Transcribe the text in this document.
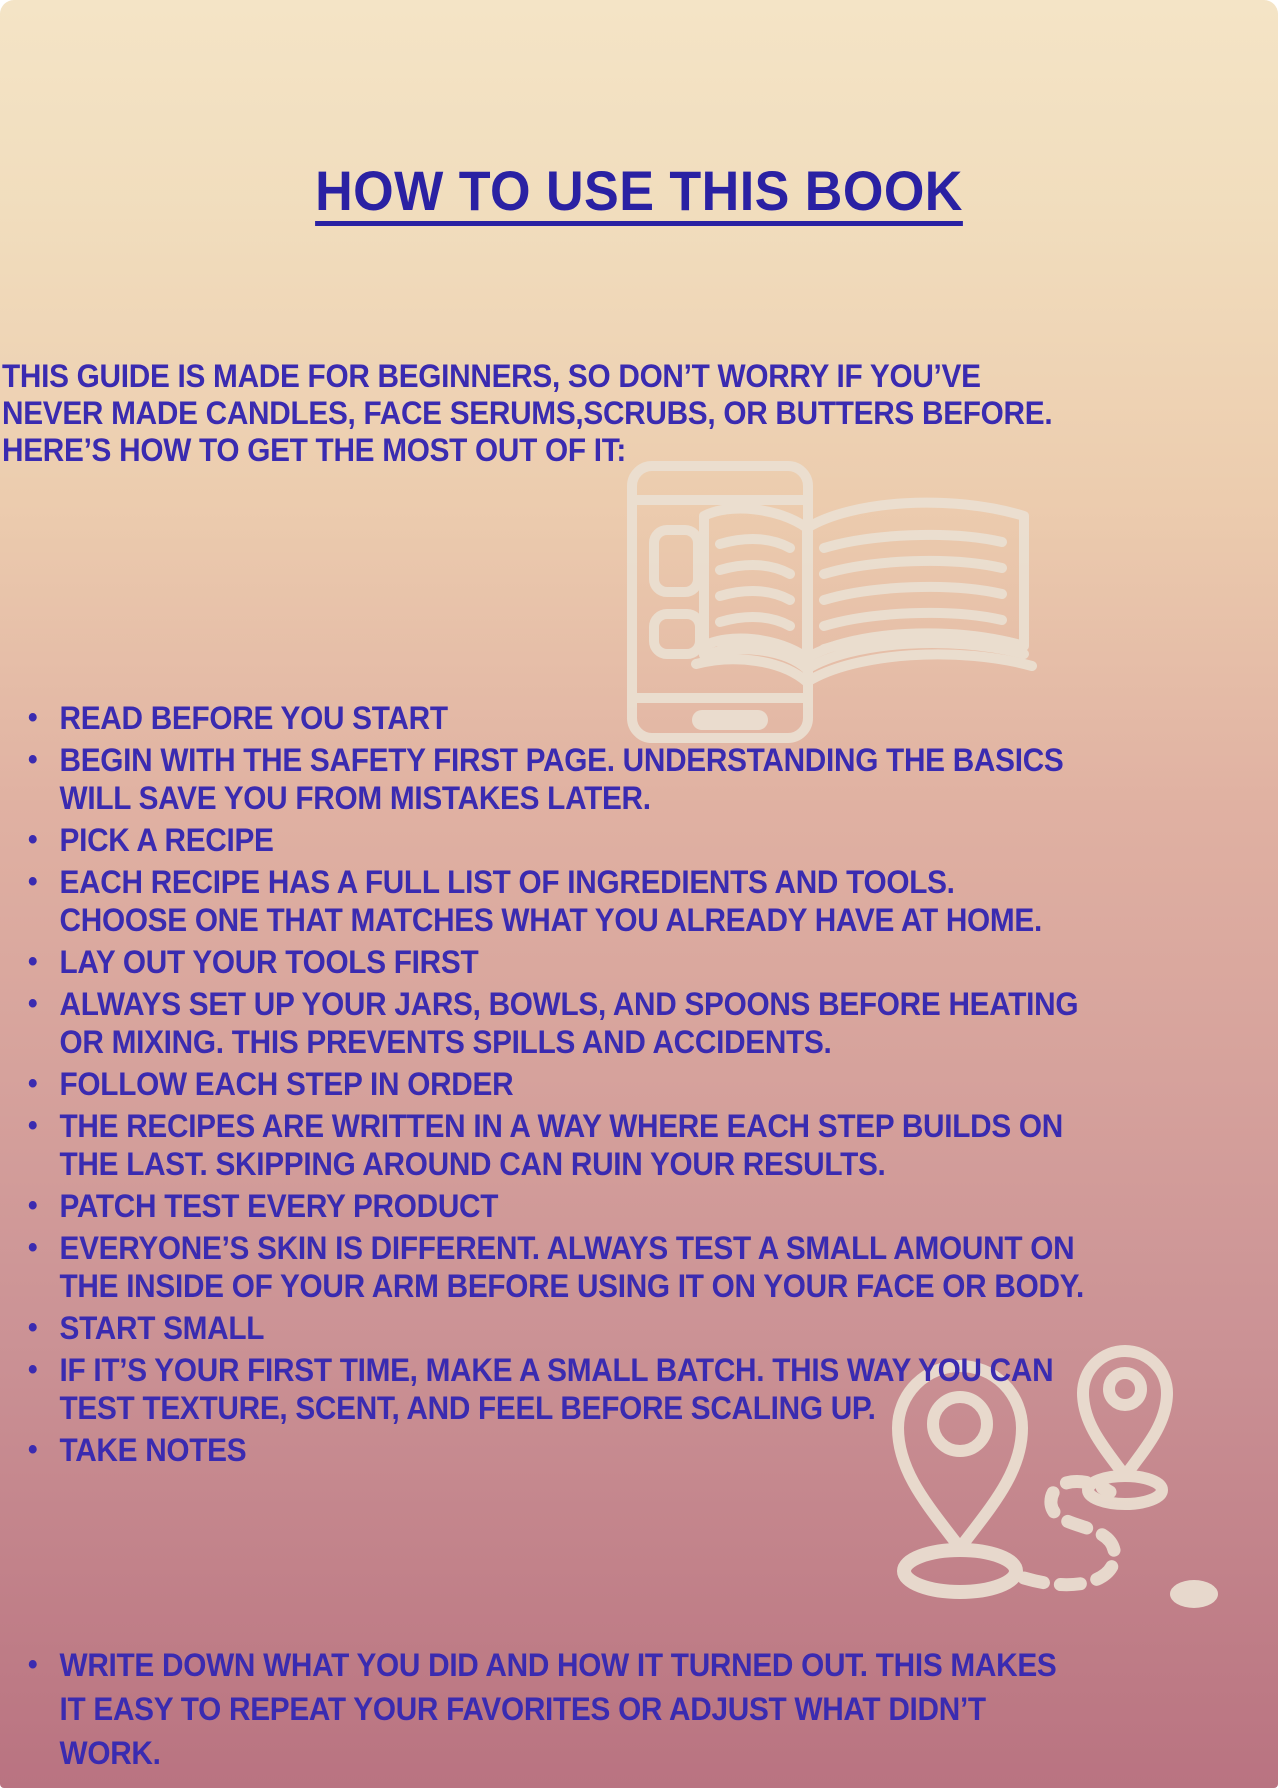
HOW TO USE THIS BOOK
THIS GUIDE IS MADE FOR BEGINNERS, SO DON’T WORRY IF YOU’VE
NEVER MADE CANDLES, FACE SERUMS,SCRUBS, OR BUTTERS BEFORE.
HERE’S HOW TO GET THE MOST OUT OF IT:
• READ BEFORE YOU START
• BEGIN WITH THE SAFETY FIRST PAGE. UNDERSTANDING THE BASICS
WILL SAVE YOU FROM MISTAKES LATER.
• PICK A RECIPE
• EACH RECIPE HAS A FULL LIST OF INGREDIENTS AND TOOLS.
CHOOSE ONE THAT MATCHES WHAT YOU ALREADY HAVE AT HOME.
• LAY OUT YOUR TOOLS FIRST
• ALWAYS SET UP YOUR JARS, BOWLS, AND SPOONS BEFORE HEATING
OR MIXING. THIS PREVENTS SPILLS AND ACCIDENTS.
• FOLLOW EACH STEP IN ORDER
• THE RECIPES ARE WRITTEN IN A WAY WHERE EACH STEP BUILDS ON
THE LAST. SKIPPING AROUND CAN RUIN YOUR RESULTS.
• PATCH TEST EVERY PRODUCT
• EVERYONE’S SKIN IS DIFFERENT. ALWAYS TEST A SMALL AMOUNT ON
THE INSIDE OF YOUR ARM BEFORE USING IT ON YOUR FACE OR BODY.
• START SMALL
• IF IT’S YOUR FIRST TIME, MAKE A SMALL BATCH. THIS WAY YOU CAN
TEST TEXTURE, SCENT, AND FEEL BEFORE SCALING UP.
• TAKE NOTES
• WRITE DOWN WHAT YOU DID AND HOW IT TURNED OUT. THIS MAKES
IT EASY TO REPEAT YOUR FAVORITES OR ADJUST WHAT DIDN’T
WORK.
